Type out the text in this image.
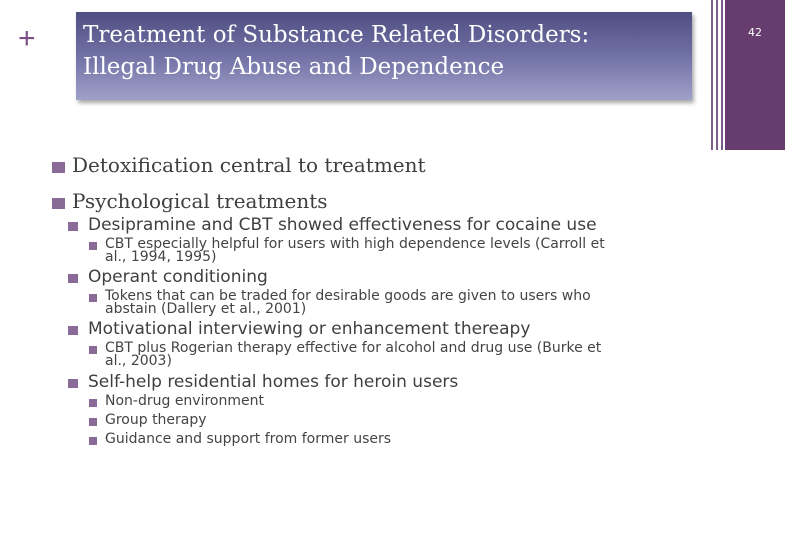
+ Treatment of Substance Related Disorders:
Illegal Drug Abuse and Dependence
42
Detoxification central to treatment
Psychological treatments
Desipramine and CBT showed effectiveness for cocaine use
CBT especially helpful for users with high dependence levels (Carroll et
al., 1994, 1995)
Operant conditioning
Tokens that can be traded for desirable goods are given to users who
abstain (Dallery et al., 2001)
Motivational interviewing or enhancement thereapy
CBT plus Rogerian therapy effective for alcohol and drug use (Burke et
al., 2003)
Self-help residential homes for heroin users
Non-drug environment
Group therapy
Guidance and support from former users
